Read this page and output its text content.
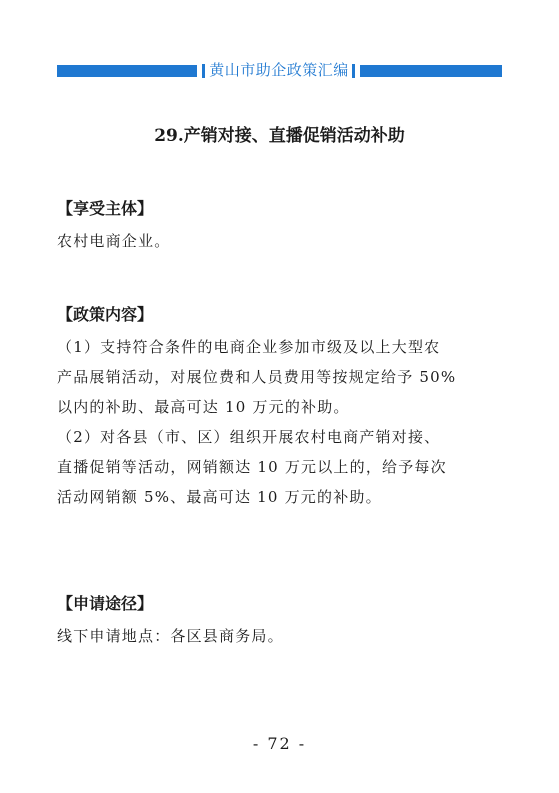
黄山市助企政策汇编
29.产销对接、直播促销活动补助

【享受主体】

农村电商企业。

【政策内容】

（1）支持符合条件的电商企业参加市级及以上大型农

产品展销活动，对展位费和人员费用等按规定给予 50%

以内的补助、最高可达 10 万元的补助。

（2）对各县（市、区）组织开展农村电商产销对接、

直播促销等活动，网销额达 10 万元以上的，给予每次

活动网销额 5%、最高可达 10 万元的补助。

【申请途径】

线下申请地点：各区县商务局。

- 72 -
